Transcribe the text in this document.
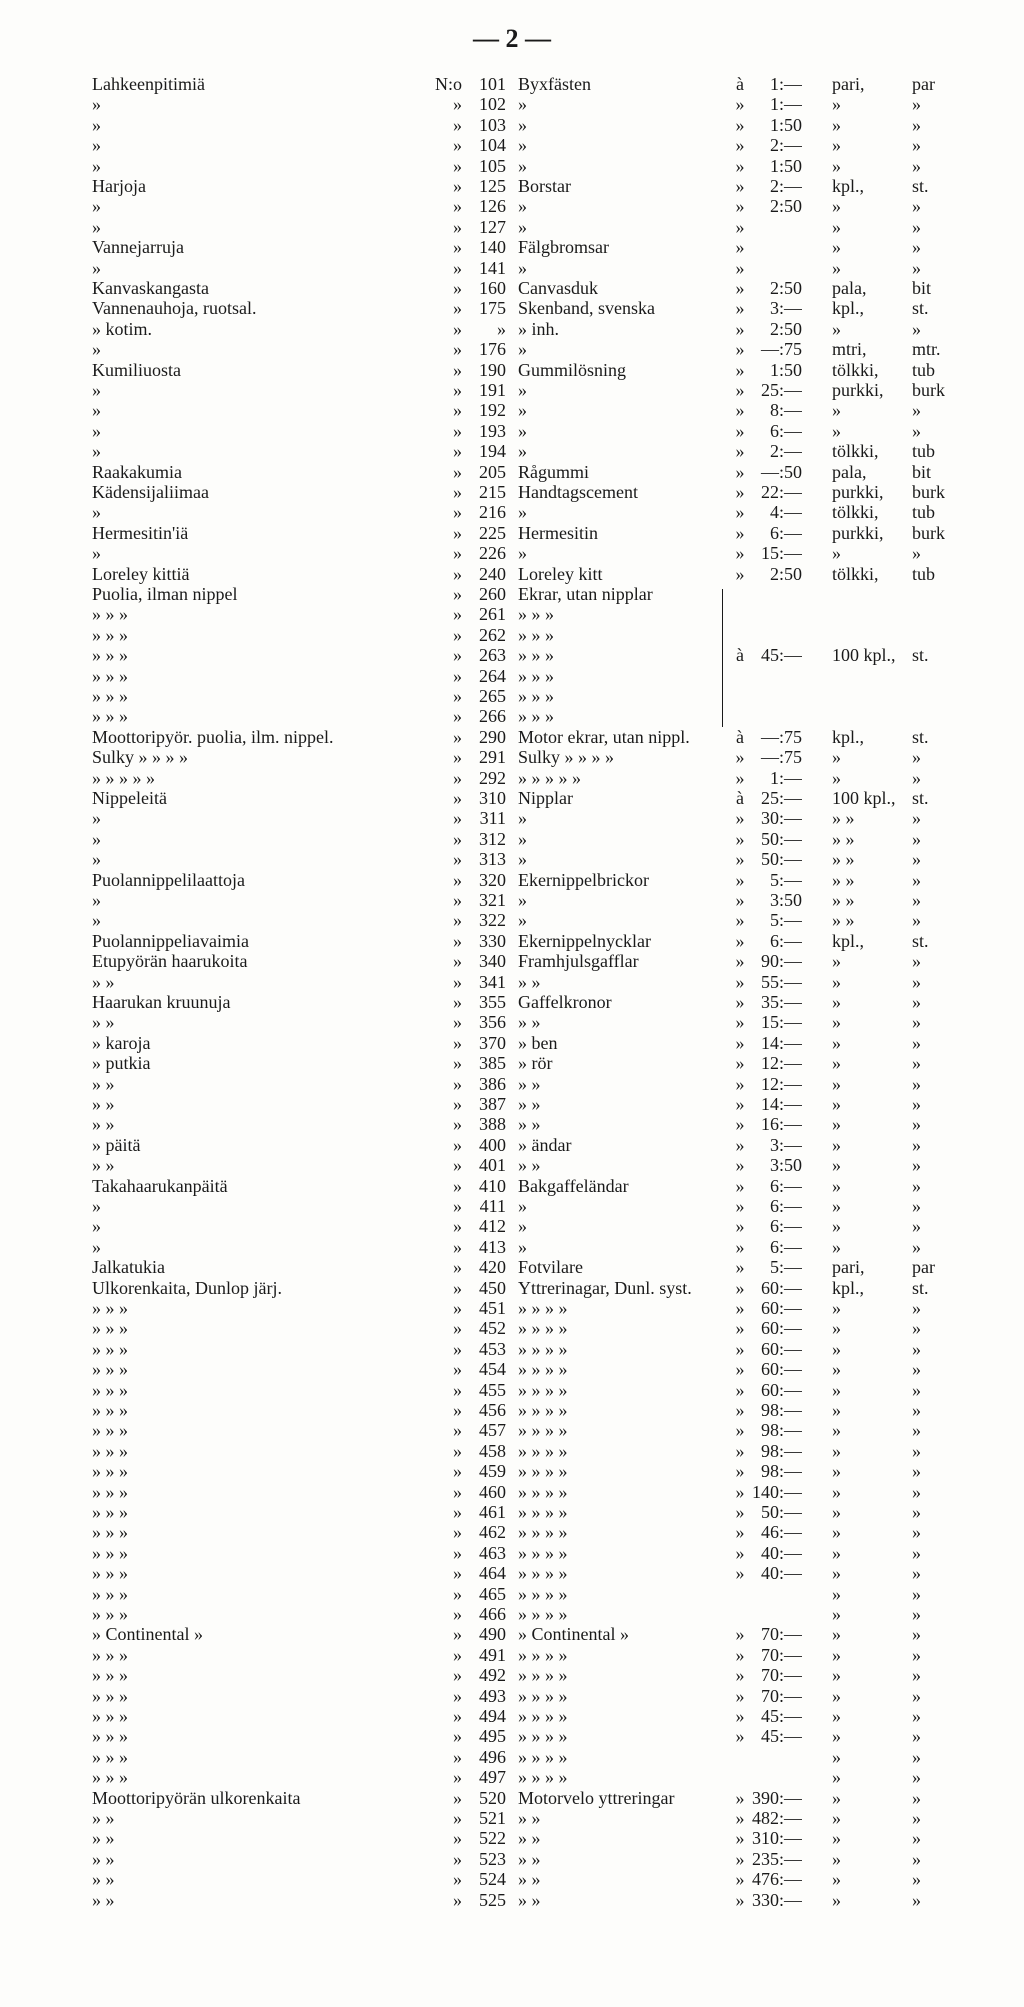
— 2 —
Lahkeenpitimiä	N:o 101 Byxfästen	à	1:— pari,	par
»	» 102 »	»	1:— »	»
»	» 103 »	»	1:50 »	»
»	» 104 »	»	2:— »	»
»	» 105 »	»	1:50 »	»
Harjoja	» 125 Borstar	»	2:— kpl.,	st.
»	» 126 »	»	2:50 »	»
»	» 127 »	»	»	»
Vannejarruja	» 140 Fälgbromsar	»	»	»
»	» 141 »	»	»	»
Kanvaskangasta	» 160 Canvasduk	»	2:50 pala,	bit
Vannenauhoja, ruotsal.	» 175 Skenband, svenska	»	3:— kpl.,	st.
» kotim.	»	» » inh.	»	2:50 »	»
»	» 176 »	» —:75 mtri,	mtr.
Kumiliuosta	» 190 Gummilösning	»	1:50 tölkki,	tub
»	» 191 »	» 25:— purkki,	burk
»	» 192 »	»	8:— »	»
»	» 193 »	»	6:— »	»
»	» 194 »	»	2:— tölkki,	tub
Raakakumia	» 205 Rågummi	» —:50 pala,	bit
Kädensijaliimaa	» 215 Handtagscement	» 22:— purkki,	burk
»	» 216 »	»	4:— tölkki,	tub
Hermesitin'iä	» 225 Hermesitin	»	6:— purkki,	burk
»	» 226 »	» 15:— »	»
Loreley kittiä	» 240 Loreley kitt	»	2:50 tölkki,	tub
Puolia, ilman nippel	» 260 Ekrar, utan nipplar
» » »	» 261 » » »
» » »	» 262 » » »
» » »	» 263 » » »	à 45:— 100 kpl., st.
» » »	» 264 » » »
» » »	» 265 » » »
» » »	» 266 » » »
Moottoripyör. puolia, ilm. nippel.	» 290 Motor ekrar, utan nippl.	à —:75 kpl.,	st.
Sulky » » » »	» 291 Sulky » » » »	» —:75 »	»
» » » » »	» 292 » » » » »	»	1:— »	»
Nippeleitä	» 310 Nipplar	à 25:— 100 kpl., st.
»	» 311 »	» 30:— » »	»
»	» 312 »	» 50:— » »	»
»	» 313 »	» 50:— » »	»
Puolannippelilaattoja	» 320 Ekernippelbrickor	»	5:— » »	»
»	» 321 »	»	3:50 » »	»
»	» 322 »	»	5:— » »	»
Puolannippeliavaimia	» 330 Ekernippelnycklar	»	6:— kpl.,	st.
Etupyörän haarukoita	» 340 Framhjulsgafflar	» 90:— »	»
» »	» 341 » »	» 55:— »	»
Haarukan kruunuja	» 355 Gaffelkronor	» 35:— »	»
» »	» 356 » »	» 15:— »	»
» karoja	» 370 » ben	» 14:— »	»
» putkia	» 385 » rör	» 12:— »	»
» »	» 386 » »	» 12:— »	»
» »	» 387 » »	» 14:— »	»
» »	» 388 » »	» 16:— »	»
» päitä	» 400 » ändar	»	3:— »	»
» »	» 401 » »	»	3:50 »	»
Takahaarukanpäitä	» 410 Bakgaffeländar	»	6:— »	»
»	» 411 »	»	6:— »	»
»	» 412 »	»	6:— »	»
»	» 413 »	»	6:— »	»
Jalkatukia	» 420 Fotvilare	»	5:— pari,	par
Ulkorenkaita, Dunlop järj.	» 450 Yttrerinagar, Dunl. syst.	» 60:— kpl.,	st.
» » »	» 451 » » » »	» 60:— »	»
» » »	» 452 » » » »	» 60:— »	»
» » »	» 453 » » » »	» 60:— »	»
» » »	» 454 » » » »	» 60:— »	»
» » »	» 455 » » » »	» 60:— »	»
» » »	» 456 » » » »	» 98:— »	»
» » »	» 457 » » » »	» 98:— »	»
» » »	» 458 » » » »	» 98:— »	»
» » »	» 459 » » » »	» 98:— »	»
» » »	» 460 » » » »	» 140:— »	»
» » »	» 461 » » » »	» 50:— »	»
» » »	» 462 » » » »	» 46:— »	»
» » »	» 463 » » » »	» 40:— »	»
» » »	» 464 » » » »	» 40:— »	»
» » »	» 465 » » » »	»	»
» » »	» 466 » » » »	»	»
» Continental »	» 490 » Continental »	» 70:— »	»
» » »	» 491 » » » »	» 70:— »	»
» » »	» 492 » » » »	» 70:— »	»
» » »	» 493 » » » »	» 70:— »	»
» » »	» 494 » » » »	» 45:— »	»
» » »	» 495 » » » »	» 45:— »	»
» » »	» 496 » » » »	»	»
» » »	» 497 » » » »	»	»
Moottoripyörän ulkorenkaita	» 520 Motorvelo yttreringar	» 390:— »	»
» »	» 521 » »	» 482:— »	»
» »	» 522 » »	» 310:— »	»
» »	» 523 » »	» 235:— »	»
» »	» 524 » »	» 476:— »	»
» »	» 525 » »	» 330:— »	»
